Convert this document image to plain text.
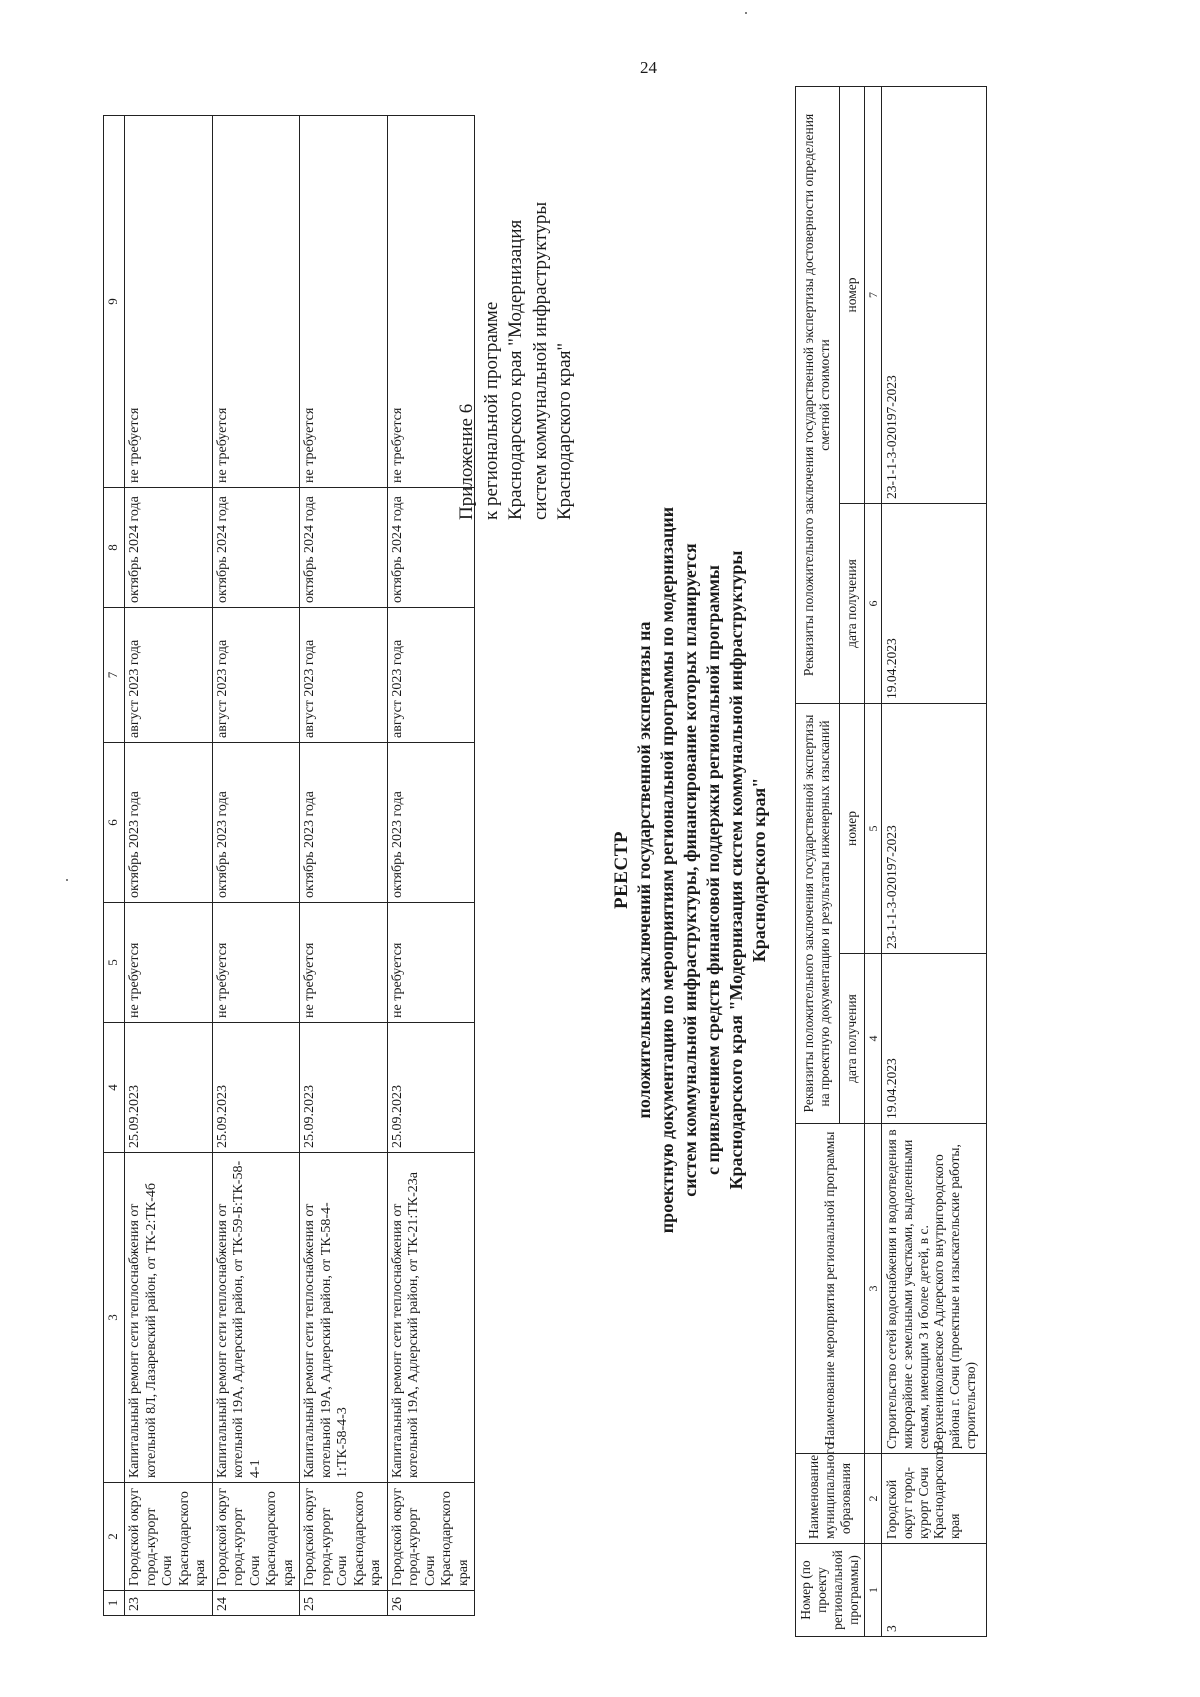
24
1	2	3	4	5	6	7	8	9
23	Городской округ город-курорт Сочи Краснодарского края	Капитальный ремонт сети теплоснабжения от котельной 8Л, Лазаревский район, от ТК-2:ТК-4б	25.09.2023	не требуется	октябрь 2023 года	август 2023 года	октябрь 2024 года	не требуется
24	Городской округ город-курорт Сочи Краснодарского края	Капитальный ремонт сети теплоснабжения от котельной 19А, Адлерский район, от ТК-59-Б:ТК-58-4-1	25.09.2023	не требуется	октябрь 2023 года	август 2023 года	октябрь 2024 года	не требуется
25	Городской округ город-курорт Сочи Краснодарского края	Капитальный ремонт сети теплоснабжения от котельной 19А, Адлерский район, от ТК-58-4-1:ТК-58-4-3	25.09.2023	не требуется	октябрь 2023 года	август 2023 года	октябрь 2024 года	не требуется
26	Городской округ город-курорт Сочи Краснодарского края	Капитальный ремонт сети теплоснабжения от котельной 19А, Адлерский район, от ТК-21:ТК-23а	25.09.2023	не требуется	октябрь 2023 года	август 2023 года	октябрь 2024 года	не требуется	Приложение 6 к региональной программе Краснодарского края "Модернизация систем коммунальной инфраструктуры Краснодарского края"
РЕЕСТР положительных заключений государственной экспертизы на проектную документацию по мероприятиям региональной программы по модернизации систем коммунальной инфраструктуры, финансирование которых планируется с привлечением средств финансовой поддержки региональной программы Краснодарского края "Модернизация систем коммунальной инфраструктуры Краснодарского края"
Номер (по проекту региональной программы)	Наименование муниципального образования	Наименование мероприятия региональной программы	Реквизиты положительного заключения государственной экспертизы на проектную документацию и результаты инженерных изысканий		Реквизиты положительного заключения государственной экспертизы достоверности определения сметной стоимости	
			дата получения	номер	дата получения	номер
1	2	3	4	5	6	7
3	Городской округ город-курорт Сочи Краснодарского края	Строительство сетей водоснабжения и водоотведения в микрорайоне с земельными участками, выделенными семьям, имеющим 3 и более детей, в с. Верхнениколаевское Адлерского внутригородского района г. Сочи (проектные и изыскательские работы, строительство)	19.04.2023	23-1-1-3-020197-2023	19.04.2023	23-1-1-3-020197-2023
